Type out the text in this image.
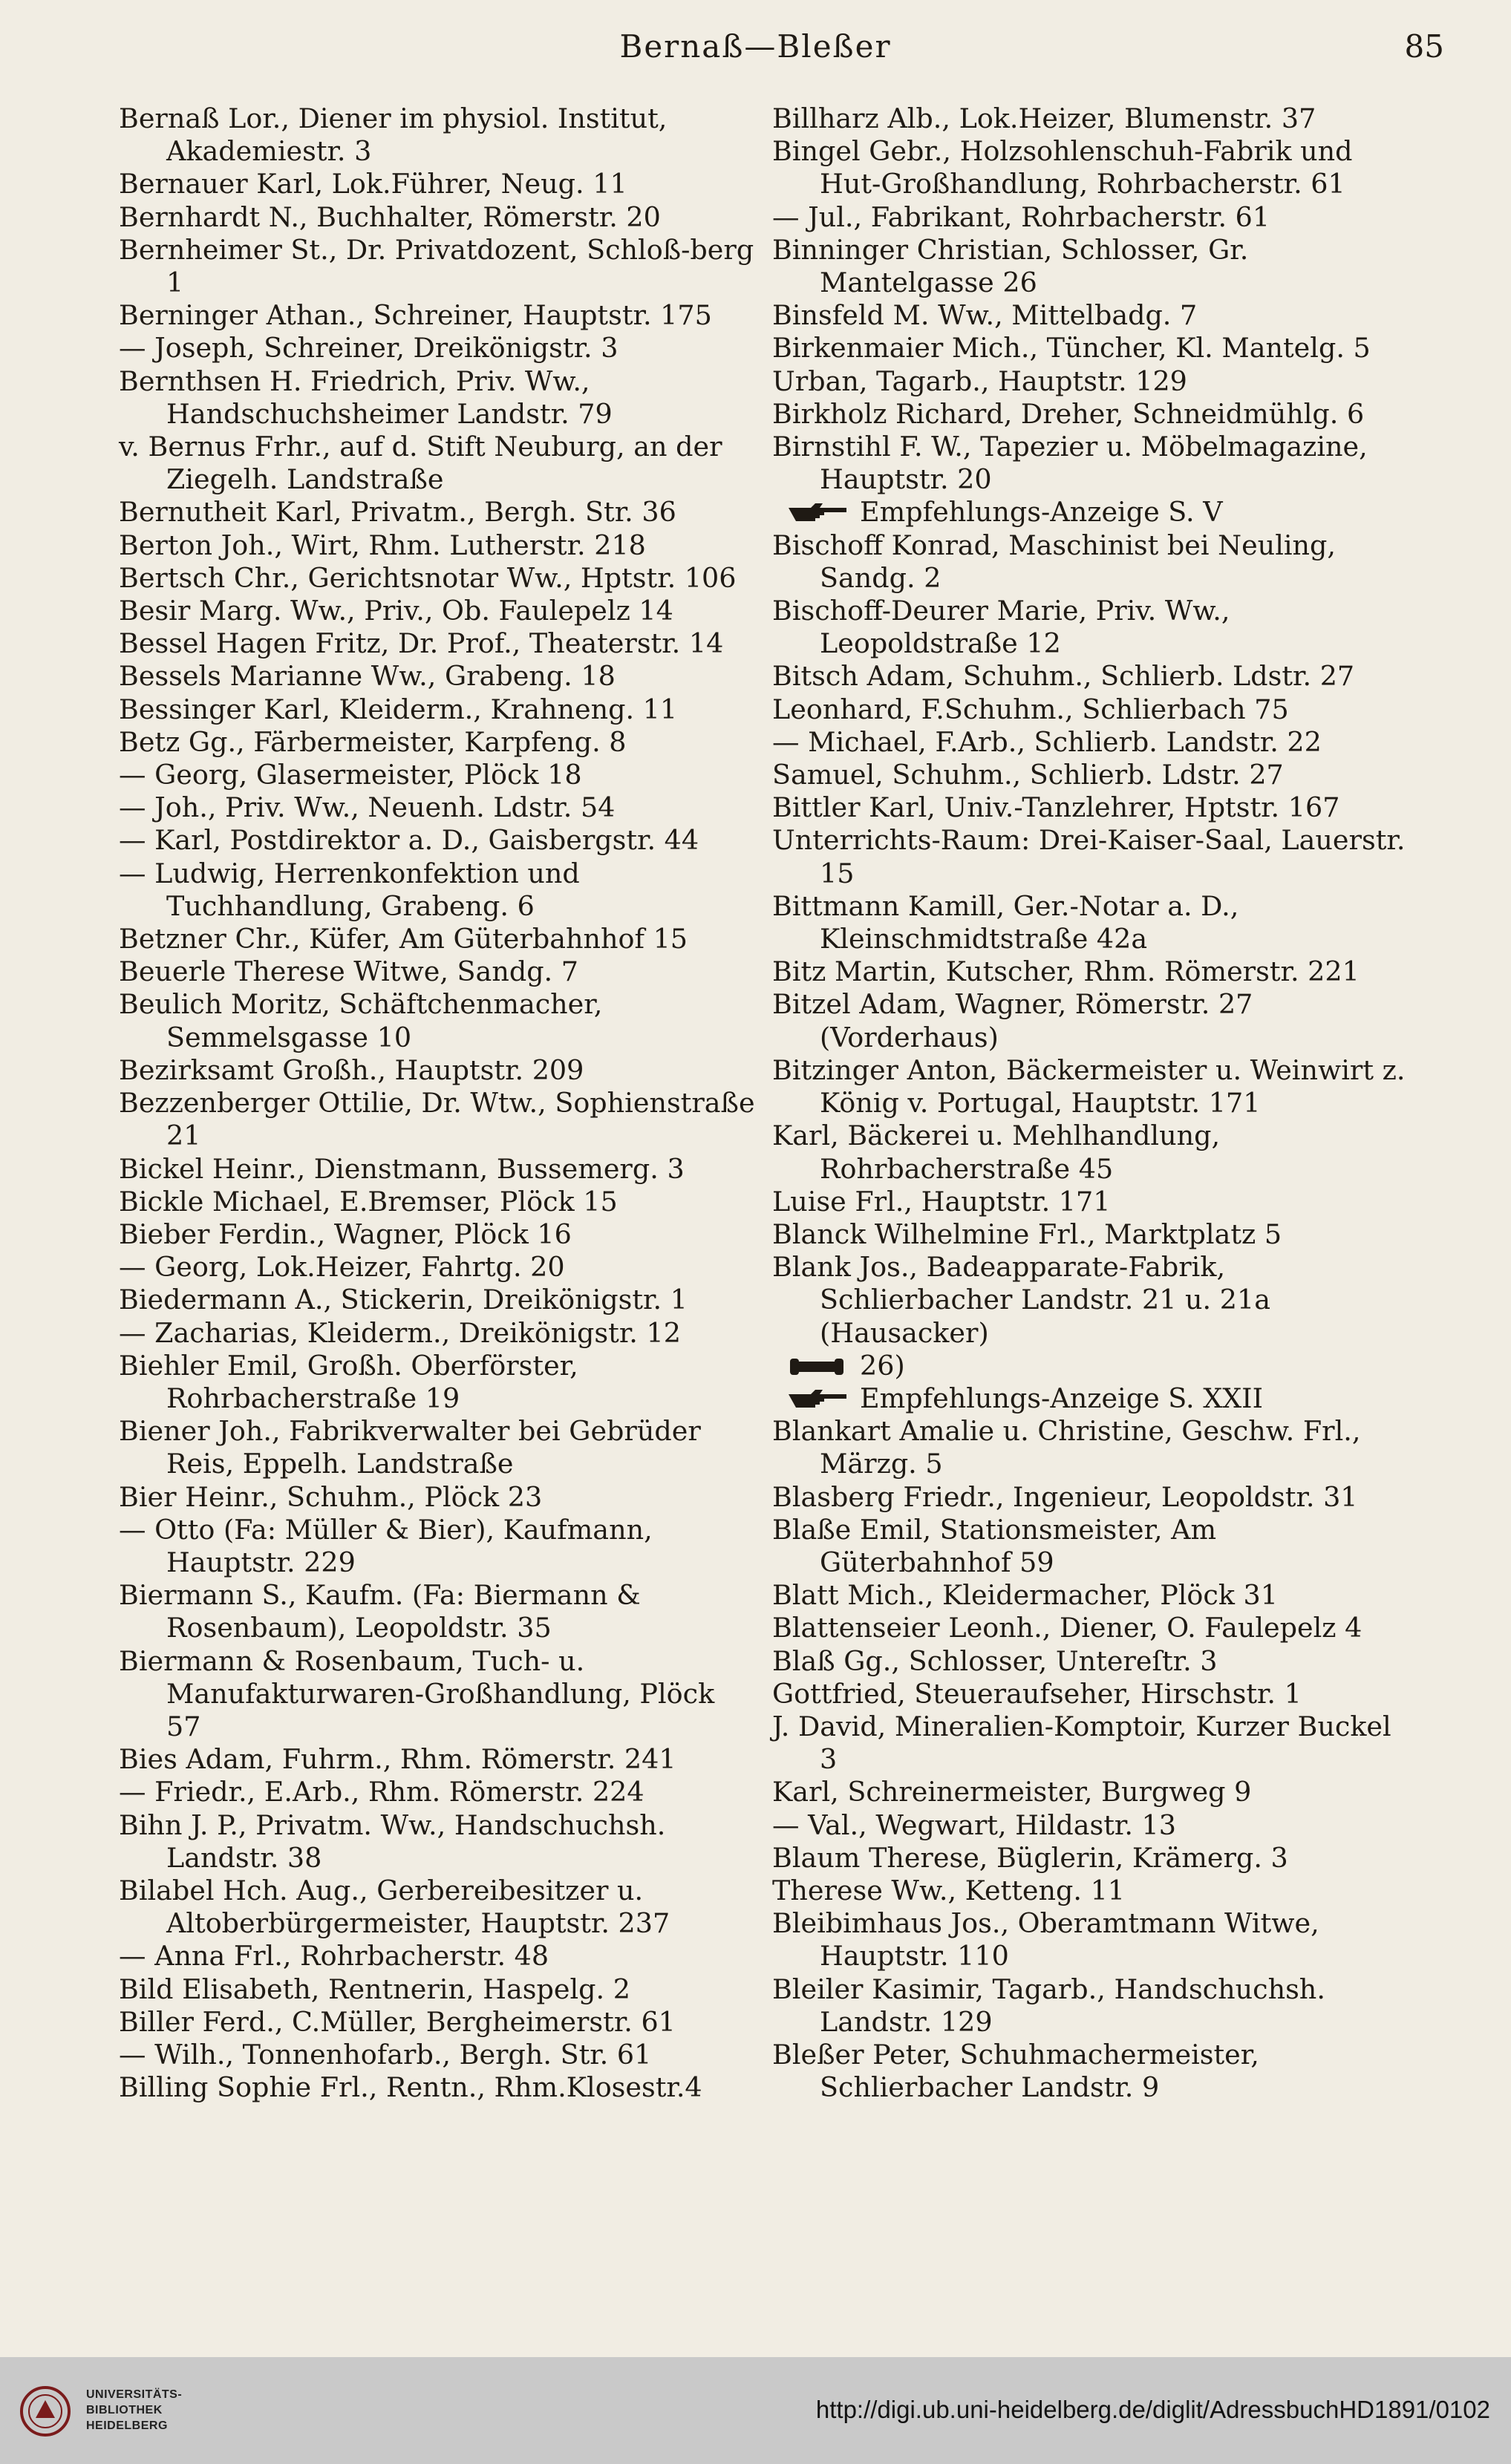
Bernaß—Bleßer	85

Bernaß Lor., Diener im physiol. Institut, Akademiestr. 3

Bernauer Karl, Lok.Führer, Neug. 11

Bernhardt N., Buchhalter, Römerstr. 20

Bernheimer St., Dr. Privatdozent, Schloß-berg 1

Berninger Athan., Schreiner, Hauptstr. 175

— Joseph, Schreiner, Dreikönigstr. 3

Bernthsen H. Friedrich, Priv. Ww., Handschuchsheimer Landstr. 79

v. Bernus Frhr., auf d. Stift Neuburg, an der Ziegelh. Landstraße

Bernutheit Karl, Privatm., Bergh. Str. 36

Berton Joh., Wirt, Rhm. Lutherstr. 218

Bertsch Chr., Gerichtsnotar Ww., Hptstr. 106

Besir Marg. Ww., Priv., Ob. Faulepelz 14

Bessel Hagen Fritz, Dr. Prof., Theaterstr. 14

Bessels Marianne Ww., Grabeng. 18

Bessinger Karl, Kleiderm., Krahneng. 11

Betz Gg., Färbermeister, Karpfeng. 8

— Georg, Glasermeister, Plöck 18

— Joh., Priv. Ww., Neuenh. Ldstr. 54

— Karl, Postdirektor a. D., Gaisbergstr. 44

— Ludwig, Herrenkonfektion und Tuchhandlung, Grabeng. 6

Betzner Chr., Küfer, Am Güterbahnhof 15

Beuerle Therese Witwe, Sandg. 7

Beulich Moritz, Schäftchenmacher, Semmelsgasse 10

Bezirksamt Großh., Hauptstr. 209

Bezzenberger Ottilie, Dr. Wtw., Sophienstraße 21

Bickel Heinr., Dienstmann, Bussemerg. 3

Bickle Michael, E.Bremser, Plöck 15

Bieber Ferdin., Wagner, Plöck 16

— Georg, Lok.Heizer, Fahrtg. 20

Biedermann A., Stickerin, Dreikönigstr. 1

— Zacharias, Kleiderm., Dreikönigstr. 12

Biehler Emil, Großh. Oberförster, Rohrbacherstraße 19

Biener Joh., Fabrikverwalter bei Gebrüder Reis, Eppelh. Landstraße

Bier Heinr., Schuhm., Plöck 23

— Otto (Fa: Müller & Bier), Kaufmann, Hauptstr. 229

Biermann S., Kaufm. (Fa: Biermann & Rosenbaum), Leopoldstr. 35

Biermann & Rosenbaum, Tuch- u. Manufakturwaren-Großhandlung, Plöck 57

Bies Adam, Fuhrm., Rhm. Römerstr. 241

— Friedr., E.Arb., Rhm. Römerstr. 224

Bihn J. P., Privatm. Ww., Handschuchsh. Landstr. 38

Bilabel Hch. Aug., Gerbereibesitzer u. Altoberbürgermeister, Hauptstr. 237

— Anna Frl., Rohrbacherstr. 48

Bild Elisabeth, Rentnerin, Haspelg. 2

Biller Ferd., C.Müller, Bergheimerstr. 61

— Wilh., Tonnenhofarb., Bergh. Str. 61

Billing Sophie Frl., Rentn., Rhm.Klosestr.4

Billharz Alb., Lok.Heizer, Blumenstr. 37

Bingel Gebr., Holzsohlenschuh-Fabrik und Hut-Großhandlung, Rohrbacherstr. 61

— Jul., Fabrikant, Rohrbacherstr. 61

Binninger Christian, Schlosser, Gr. Mantelgasse 26

Binsfeld M. Ww., Mittelbadg. 7

Birkenmaier Mich., Tüncher, Kl. Mantelg. 5

Urban, Tagarb., Hauptstr. 129

Birkholz Richard, Dreher, Schneidmühlg. 6

Birnstihl F. W., Tapezier u. Möbelmagazine, Hauptstr. 20

Empfehlungs-Anzeige S. V

Bischoff Konrad, Maschinist bei Neuling, Sandg. 2

Bischoff-Deurer Marie, Priv. Ww., Leopoldstraße 12

Bitsch Adam, Schuhm., Schlierb. Ldstr. 27

Leonhard, F.Schuhm., Schlierbach 75

— Michael, F.Arb., Schlierb. Landstr. 22

Samuel, Schuhm., Schlierb. Ldstr. 27

Bittler Karl, Univ.-Tanzlehrer, Hptstr. 167

Unterrichts-Raum: Drei-Kaiser-Saal, Lauerstr. 15

Bittmann Kamill, Ger.-Notar a. D., Kleinschmidtstraße 42a

Bitz Martin, Kutscher, Rhm. Römerstr. 221

Bitzel Adam, Wagner, Römerstr. 27 (Vorderhaus)

Bitzinger Anton, Bäckermeister u. Weinwirt z. König v. Portugal, Hauptstr. 171

Karl, Bäckerei u. Mehlhandlung, Rohrbacherstraße 45

Luise Frl., Hauptstr. 171

Blanck Wilhelmine Frl., Marktplatz 5

Blank Jos., Badeapparate-Fabrik, Schlierbacher Landstr. 21 u. 21a (Hausacker)

26)

Empfehlungs-Anzeige S. XXII

Blankart Amalie u. Christine, Geschw. Frl., Märzg. 5

Blasberg Friedr., Ingenieur, Leopoldstr. 31

Blaße Emil, Stationsmeister, Am Güterbahnhof 59

Blatt Mich., Kleidermacher, Plöck 31

Blattenseier Leonh., Diener, O. Faulepelz 4

Blaß Gg., Schlosser, Untereſtr. 3

Gottfried, Steueraufseher, Hirschstr. 1

J. David, Mineralien-Komptoir, Kurzer Buckel 3

Karl, Schreinermeister, Burgweg 9

— Val., Wegwart, Hildastr. 13

Blaum Therese, Büglerin, Krämerg. 3

Therese Ww., Ketteng. 11

Bleibimhaus Jos., Oberamtmann Witwe, Hauptstr. 110

Bleiler Kasimir, Tagarb., Handschuchsh. Landstr. 129

Bleßer Peter, Schuhmachermeister, Schlierbacher Landstr. 9

UNIVERSITÄTS-
BIBLIOTHEK
HEIDELBERG
http://digi.ub.uni-heidelberg.de/diglit/AdressbuchHD1891/0102
